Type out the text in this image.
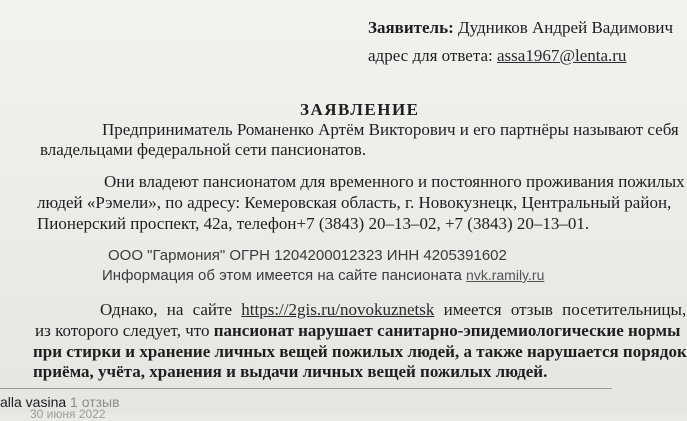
Заявитель: Дудников Андрей Вадимович
адрес для ответа: assa1967@lenta.ru
ЗАЯВЛЕНИЕ
Предприниматель Романенко Артём Викторович и его партнёры называют себя
владельцами федеральной сети пансионатов.
Они владеют пансионатом для временного и постоянного проживания пожилых
людей «Рэмели», по адресу: Кемеровская область, г. Новокузнецк, Центральный район,
Пионерский проспект, 42а, телефон+7 (3843) 20–13–02, +7 (3843) 20–13–01.
ООО "Гармония" ОГРН 1204200012323 ИНН 4205391602
Информация об этом имеется на сайте пансионата nvk.ramily.ru
Однако, на сайте https://2gis.ru/novokuznetsk имеется отзыв посетительницы,
из которого следует, что пансионат нарушает санитарно-эпидемиологические нормы
при стирки и хранение личных вещей пожилых людей, а также нарушается порядок
приёма, учёта, хранения и выдачи личных вещей пожилых людей.
alla vasina 1 отзыв
30 июня 2022
